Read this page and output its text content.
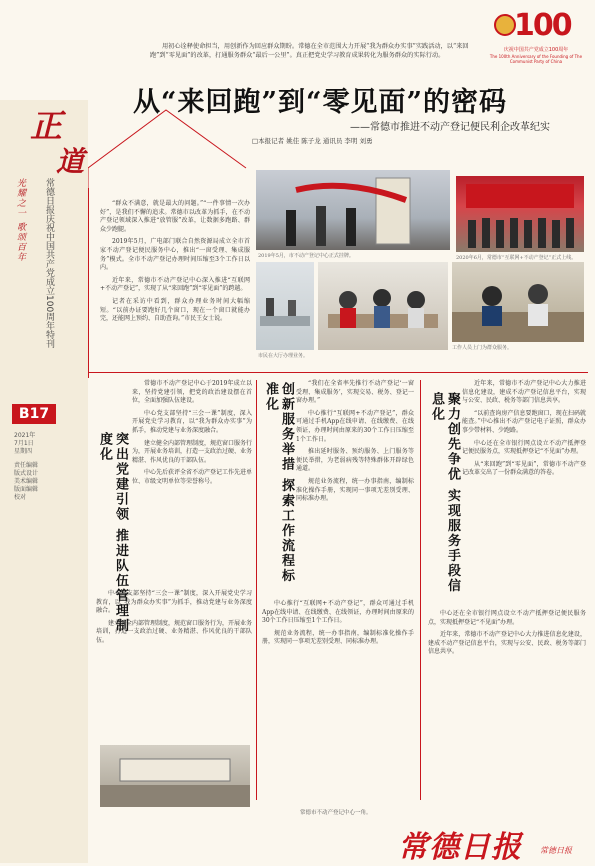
100
庆祝中国共产党成立100周年
The 100th Anniversary of the Founding of The Communist Party of China
用初心诠释使命担当，用创新作为回应群众期盼。常德在全市范围大力开展“我为群众办实事”实践活动，以“来回跑”到“零见面”的改革，打通服务群众“最后一公里”。真正把党史学习教育成果转化为服务群众的实际行动。
正
道
光耀之一 歌颂百年 常德日报庆祝中国共产党成立100周年特刊
B17
2021年
7月1日
星期四
责任编辑
版式设计
美术编辑
版面编辑
校对
从“来回跑”到“零见面”的密码
——常德市推进不动产登记便民利企改革纪实
□本报记者 姚佳 陈子龙 通讯员 李明 刘勇

“群众不满意，就是最大的问题。”“一件事情一次办好”，是我们不懈的追求。常德市以改革为抓手，在不动产登记领域深入推进“放管服”改革，让数据多跑路、群众少跑腿。

2019年5月，广电部门联合自然资源局成立全市首家不动产登记便民服务中心，推出“一窗受理、集成服务”模式。全市不动产登记办理时间压缩至3个工作日以内。

近年来，常德市不动产登记中心深入推进“互联网+不动产登记”，实现了从“来回跑”到“零见面”的跨越。

记者在采访中看到，群众办理业务时间大幅缩短。“以前办证要跑好几个窗口，现在一个窗口就能办完，还能网上预约、自助查询。”市民王女士说。

2019年5月，市不动产登记中心正式挂牌。	2020年6月，常德市“互联网+不动产登记”正式上线。
市民在大厅办理业务。
工作人员上门为群众服务。
突出党建引领 推进队伍管理制度化

常德市不动产登记中心于2019年成立以来，坚持党建引领，把党的政治建设摆在首位，全面加强队伍建设。

中心党支部坚持“三会一课”制度，深入开展党史学习教育，以“我为群众办实事”为抓手，推动党建与业务深度融合。

建立健全内部管理制度，规范窗口服务行为，开展业务培训，打造一支政治过硬、业务精湛、作风优良的干部队伍。

中心先后获评全省不动产登记工作先进单位、市级文明单位等荣誉称号。

中心党支部坚持“三会一课”制度，深入开展党史学习教育，以“我为群众办实事”为抓手，推动党建与业务深度融合。

建立健全内部管理制度，规范窗口服务行为，开展业务培训，打造一支政治过硬、业务精湛、作风优良的干部队伍。

创新服务举措 探索工作流程标准化	“我们在全省率先推行不动产登记‘一窗受理、集成服务’，实现交易、税务、登记一窗办理。”

中心推行“互联网+不动产登记”，群众可通过手机App在线申请、在线缴费、在线领证，办理时间由原来的30个工作日压缩至1个工作日。

推出延时服务、预约服务、上门服务等便民举措，为老弱病残等特殊群体开辟绿色通道。

规范业务流程，统一办事指南，编制标准化操作手册，实现同一事项无差别受理、同标准办理。

中心推行“互联网+不动产登记”，群众可通过手机App在线申请、在线缴费、在线领证，办理时间由原来的30个工作日压缩至1个工作日。

规范业务流程，统一办事指南，编制标准化操作手册，实现同一事项无差别受理、同标准办理。

聚力创先争优 实现服务手段信息化

近年来，常德市不动产登记中心大力推进信息化建设，建成不动产登记信息平台，实现与公安、民政、税务等部门信息共享。

“以前查询房产信息要跑窗口，现在扫码就能查。”中心推出不动产登记电子证照，群众办事少带材料、少跑路。

中心还在全市银行网点设立不动产抵押登记便民服务点，实现抵押登记“不见面”办理。

从“来回跑”到“零见面”，常德市不动产登记改革交出了一份群众满意的答卷。

中心还在全市银行网点设立不动产抵押登记便民服务点，实现抵押登记“不见面”办理。

近年来，常德市不动产登记中心大力推进信息化建设，建成不动产登记信息平台，实现与公安、民政、税务等部门信息共享。

常德市不动产登记中心一角。
常德日报 常德日报
